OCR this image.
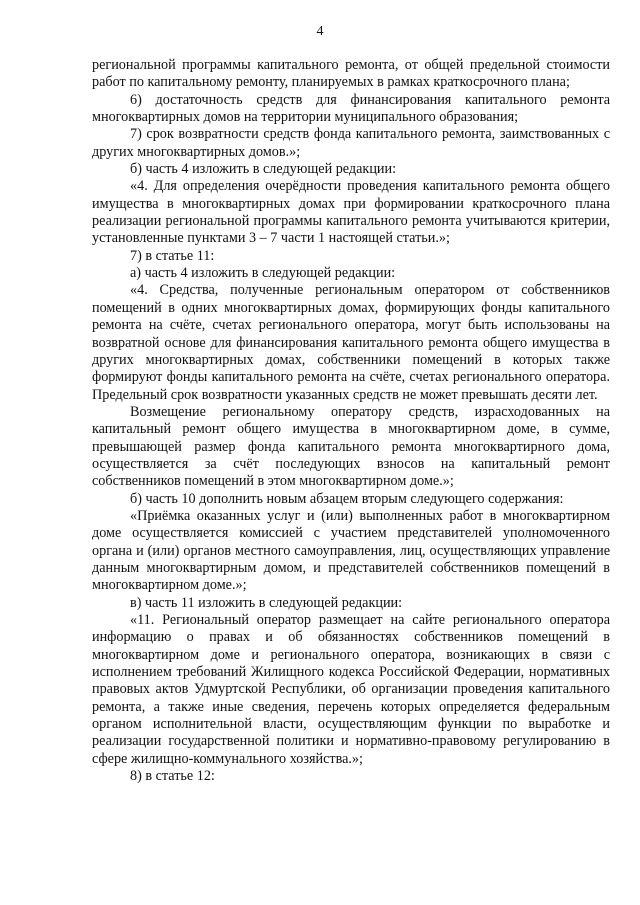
4

региональной программы капитального ремонта, от общей предельной стоимости работ по капитальному ремонту, планируемых в рамках краткосрочного плана;

6) достаточность средств для финансирования капитального ремонта многоквартирных домов на территории муниципального образования;

7) срок возвратности средств фонда капитального ремонта, заимствованных с других многоквартирных домов.»;

б) часть 4 изложить в следующей редакции:

«4. Для определения очерёдности проведения капитального ремонта общего имущества в многоквартирных домах при формировании краткосрочного плана реализации региональной программы капитального ремонта учитываются критерии, установленные пунктами 3 – 7 части 1 настоящей статьи.»;

7) в статье 11:

а) часть 4 изложить в следующей редакции:

«4. Средства, полученные региональным оператором от собственников помещений в одних многоквартирных домах, формирующих фонды капитального ремонта на счёте, счетах регионального оператора, могут быть использованы на возвратной основе для финансирования капитального ремонта общего имущества в других многоквартирных домах, собственники помещений в которых также формируют фонды капитального ремонта на счёте, счетах регионального оператора. Предельный срок возвратности указанных средств не может превышать десяти лет.

Возмещение региональному оператору средств, израсходованных на капитальный ремонт общего имущества в многоквартирном доме, в сумме, превышающей размер фонда капитального ремонта многоквартирного дома, осуществляется за счёт последующих взносов на капитальный ремонт собственников помещений в этом многоквартирном доме.»;

б) часть 10 дополнить новым абзацем вторым следующего содержания:

«Приёмка оказанных услуг и (или) выполненных работ в многоквартирном доме осуществляется комиссией с участием представителей уполномоченного органа и (или) органов местного самоуправления, лиц, осуществляющих управление данным многоквартирным домом, и представителей собственников помещений в многоквартирном доме.»;

в) часть 11 изложить в следующей редакции:

«11. Региональный оператор размещает на сайте регионального оператора информацию о правах и об обязанностях собственников помещений в многоквартирном доме и регионального оператора, возникающих в связи с исполнением требований Жилищного кодекса Российской Федерации, нормативных правовых актов Удмуртской Республики, об организации проведения капитального ремонта, а также иные сведения, перечень которых определяется федеральным органом исполнительной власти, осуществляющим функции по выработке и реализации государственной политики и нормативно-правовому регулированию в сфере жилищно-коммунального хозяйства.»;

8) в статье 12:
